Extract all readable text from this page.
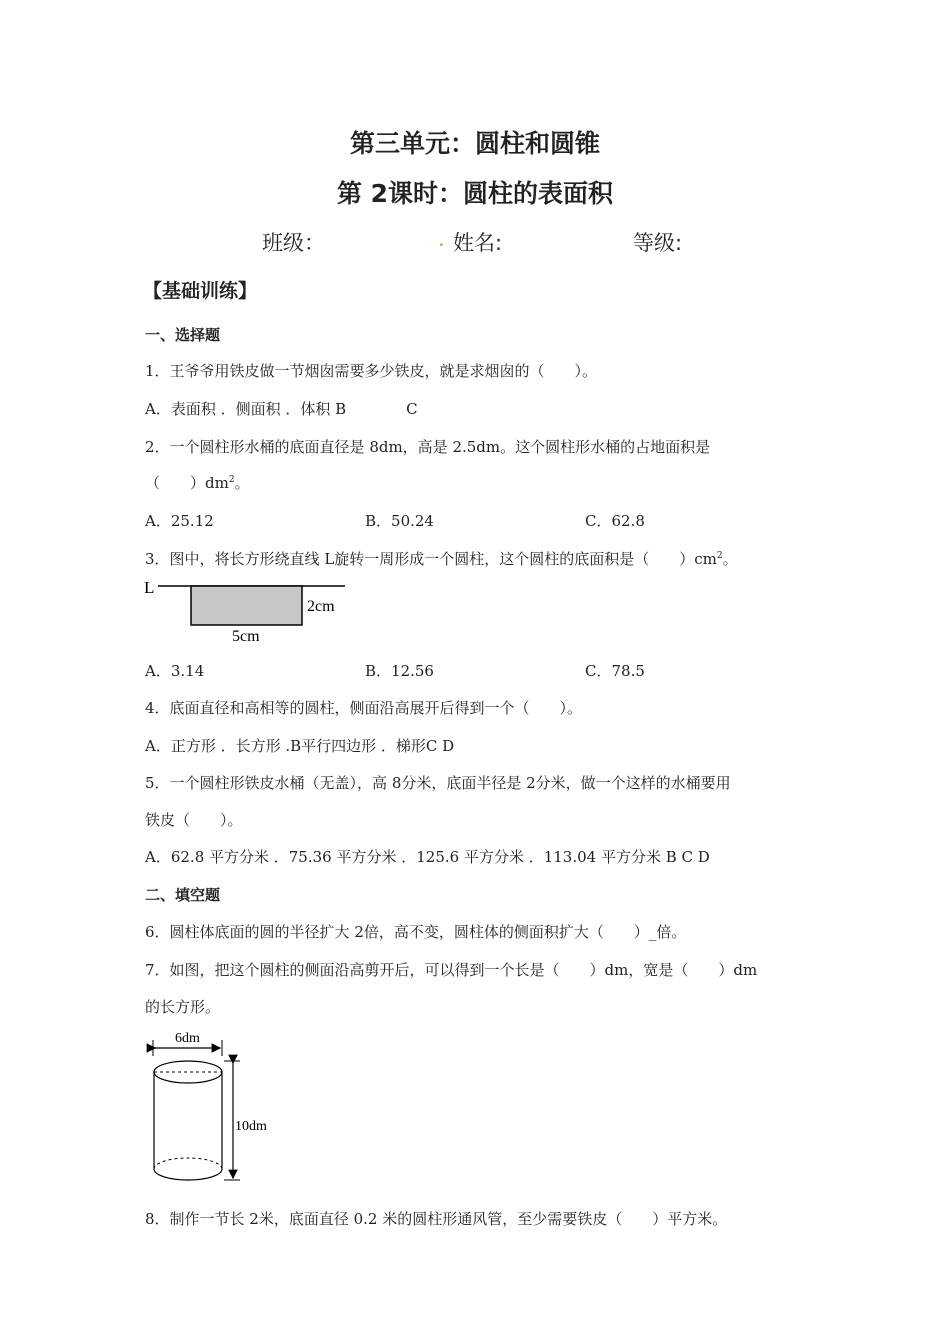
第三单元：圆柱和圆锥
第 2课时：圆柱的表面积
班级：	. 姓名:	等级:
【基础训练】
一、选择题
1．王爷爷用铁皮做一节烟囱需要多少铁皮，就是求烟囱的（　　）。
A．表面积 ．侧面积 ．体积 B　　　　C
2．一个圆柱形水桶的底面直径是 8dm，高是 2.5dm。这个圆柱形水桶的占地面积是
（　　）$dm^2$。
A．25.12	B．50.24	C．62.8
3．图中，将长方形绕直线 L旋转一周形成一个圆柱，这个圆柱的底面积是（　　）$cm^2$。
L
2cm
5cm
A．3.14	B．12.56	C．78.5
4．底面直径和高相等的圆柱，侧面沿高展开后得到一个（　　）。
A．正方形 ．长方形 .B平行四边形 ．梯形C D
5．一个圆柱形铁皮水桶（无盖），高 8分米，底面半径是 2分米，做一个这样的水桶要用
铁皮（　　）。
A．62.8 平方分米 ．75.36 平方分米 ．125.6 平方分米 ．113.04 平方分米 B C D
二、填空题
6．圆柱体底面的圆的半径扩大 2倍，高不变，圆柱体的侧面积扩大（　　）_倍。
7．如图，把这个圆柱的侧面沿高剪开后，可以得到一个长是（　　）dm，宽是（　　）dm
的长方形。
6dm
10dm
8．制作一节长 2米，底面直径 0.2 米的圆柱形通风管，至少需要铁皮（　　）平方米。
